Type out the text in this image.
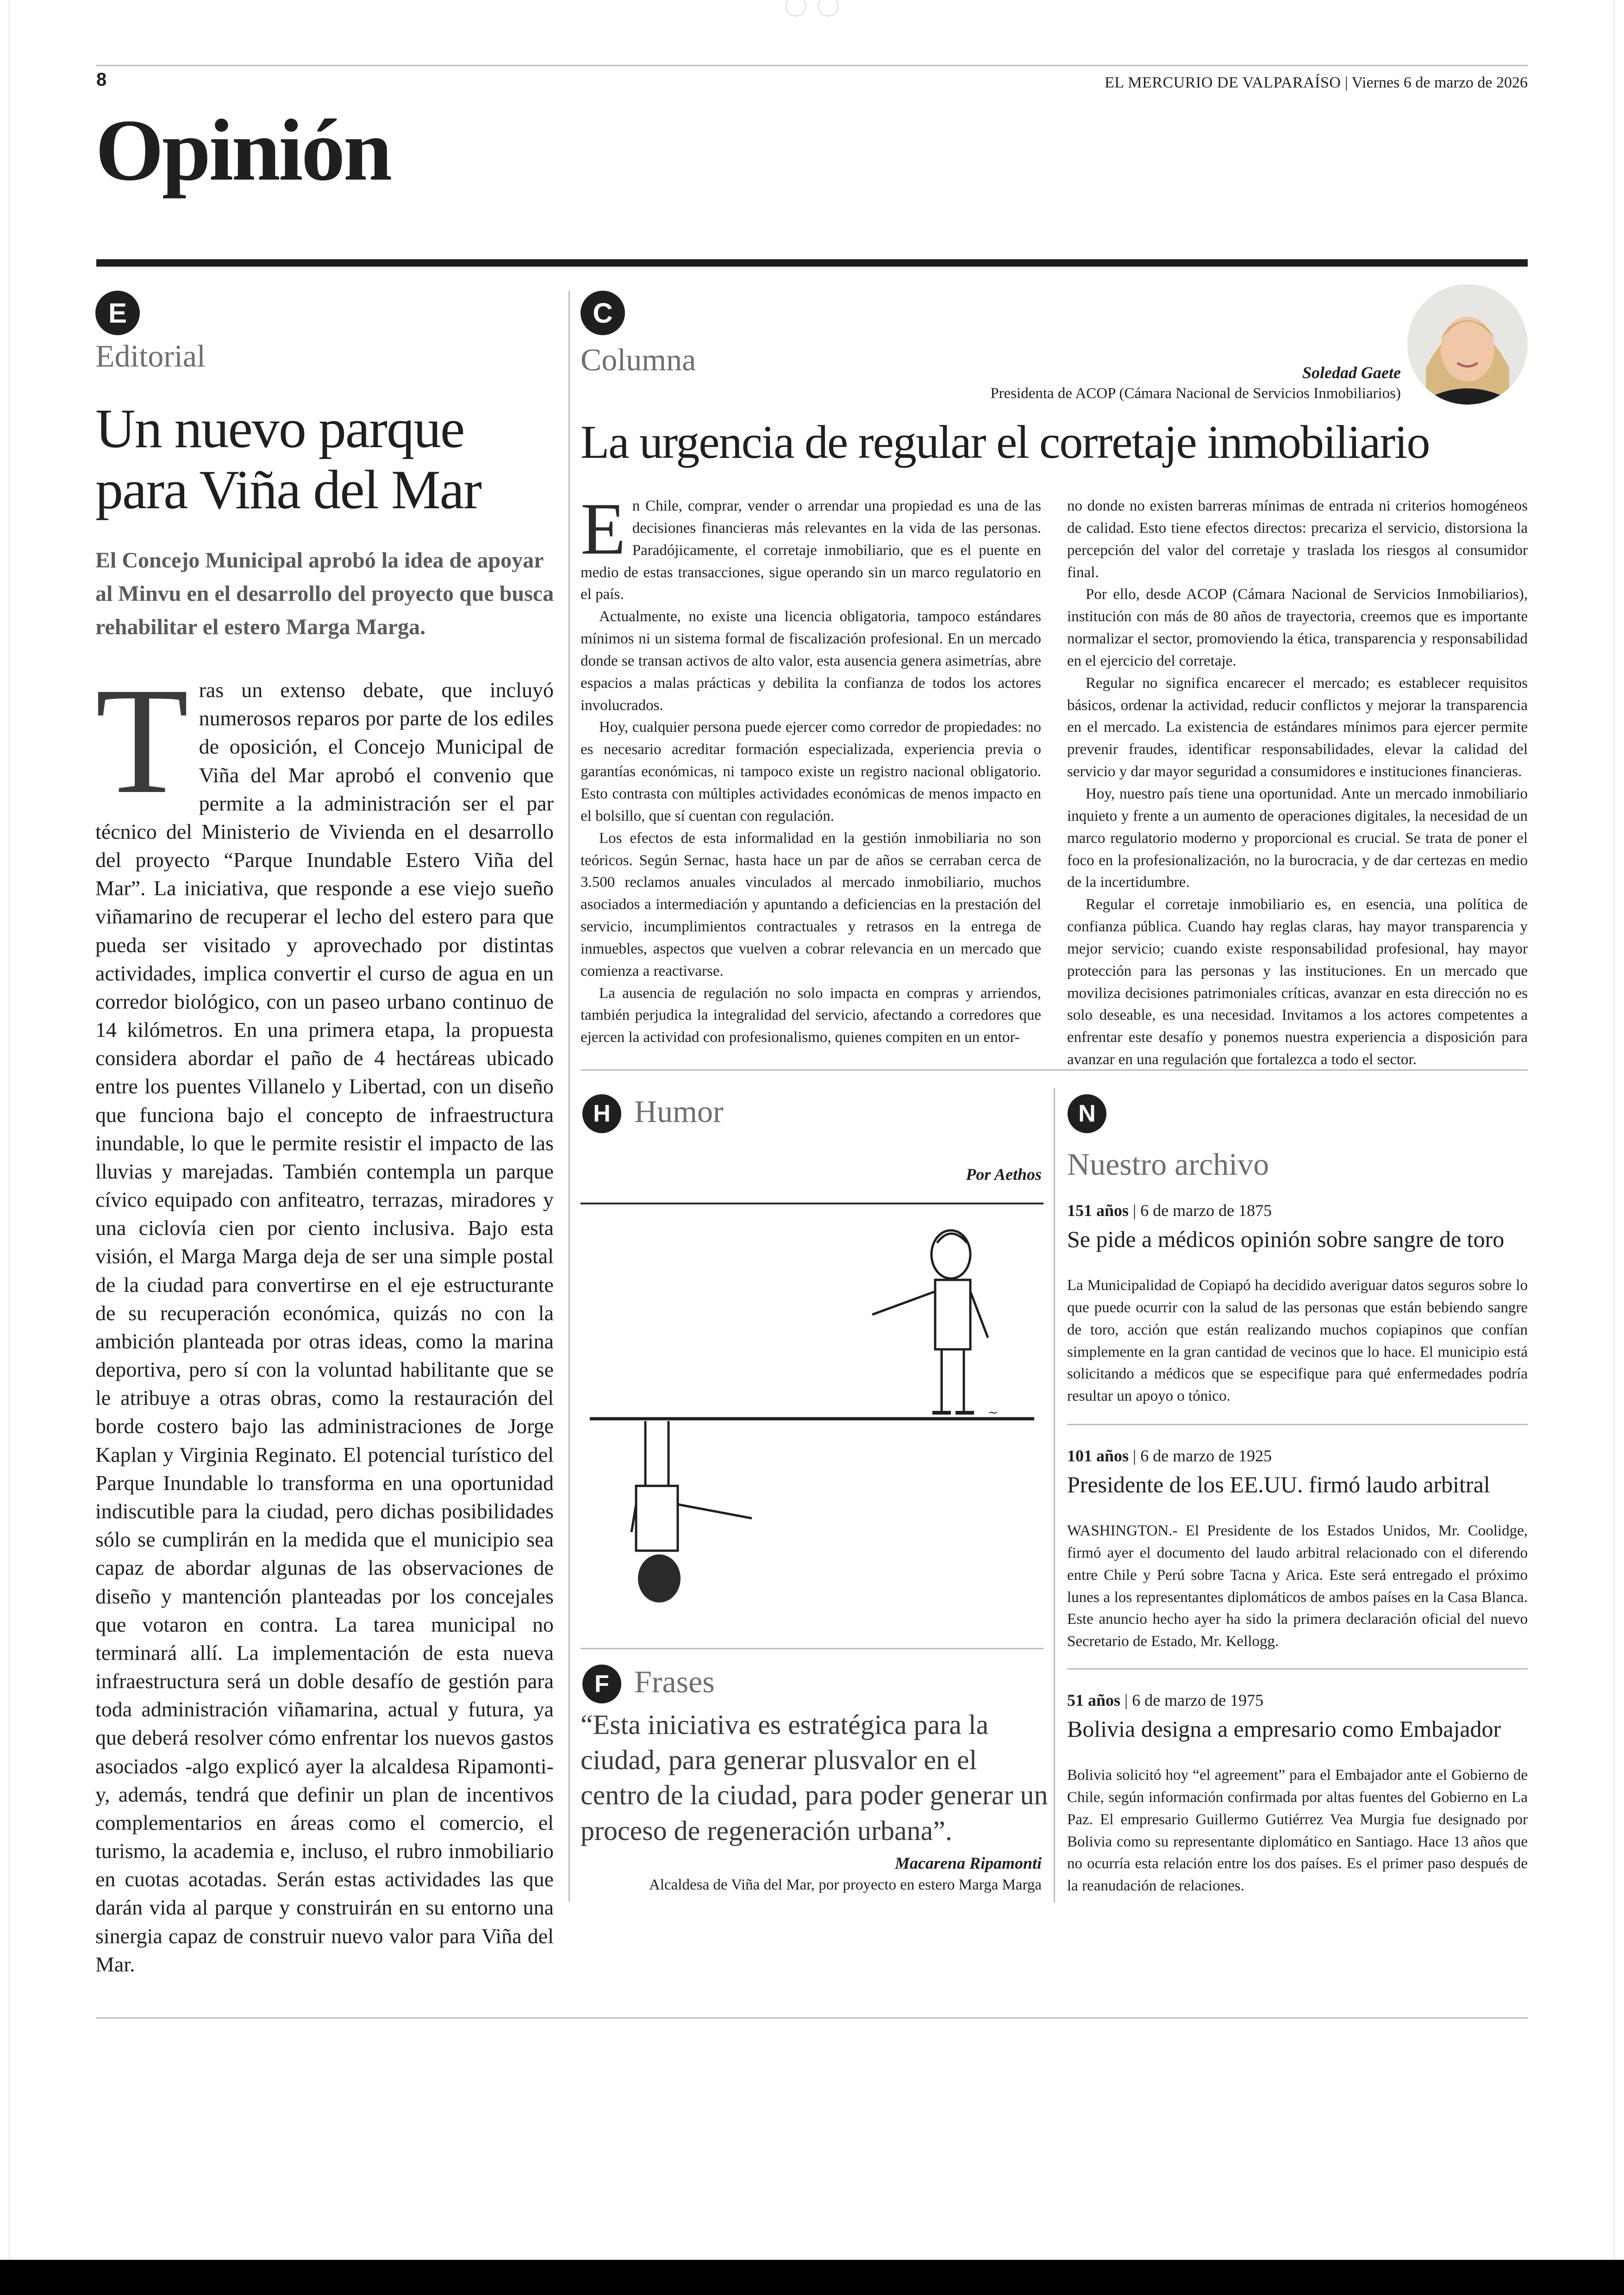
8	EL MERCURIO DE VALPARAÍSO | Viernes 6 de marzo de 2026
Opinión
E
Editorial
Un nuevo parque para Viña del Mar
El Concejo Municipal aprobó la idea de apoyar al Minvu en el desarrollo del proyecto que busca rehabilitar el estero Marga Marga.
Tras un extenso debate, que incluyó numerosos reparos por parte de los ediles de oposición, el Concejo Municipal de Viña del Mar aprobó el convenio que permite a la administración ser el par técnico del Ministerio de Vivienda en el desarrollo del proyecto “Parque Inundable Estero Viña del Mar”. La iniciativa, que responde a ese viejo sueño viñamarino de recuperar el lecho del estero para que pueda ser visitado y aprovechado por distintas actividades, implica convertir el curso de agua en un corredor biológico, con un paseo urbano continuo de 14 kilómetros. En una primera etapa, la propuesta considera abordar el paño de 4 hectáreas ubicado entre los puentes Villanelo y Libertad, con un diseño que funciona bajo el concepto de infraestructura inundable, lo que le permite resistir el impacto de las lluvias y marejadas. También contempla un parque cívico equipado con anfiteatro, terrazas, miradores y una ciclovía cien por ciento inclusiva. Bajo esta visión, el Marga Marga deja de ser una simple postal de la ciudad para convertirse en el eje estructurante de su recuperación económica, quizás no con la ambición planteada por otras ideas, como la marina deportiva, pero sí con la voluntad habilitante que se le atribuye a otras obras, como la restauración del borde costero bajo las administraciones de Jorge Kaplan y Virginia Reginato. El potencial turístico del Parque Inundable lo transforma en una oportunidad indiscutible para la ciudad, pero dichas posibilidades sólo se cumplirán en la medida que el municipio sea capaz de abordar algunas de las observaciones de diseño y mantención planteadas por los concejales que votaron en contra. La tarea municipal no terminará allí. La implementación de esta nueva infraestructura será un doble desafío de gestión para toda administración viñamarina, actual y futura, ya que deberá resolver cómo enfrentar los nuevos gastos asociados -algo explicó ayer la alcaldesa Ripamonti- y, además, tendrá que definir un plan de incentivos complementarios en áreas como el comercio, el turismo, la academia e, incluso, el rubro inmobiliario en cuotas acotadas. Serán estas actividades las que darán vida al parque y construirán en su entorno una sinergia capaz de construir nuevo valor para Viña del Mar.
C
Columna	Soledad Gaete
Presidenta de ACOP (Cámara Nacional de Servicios Inmobiliarios)
La urgencia de regular el corretaje inmobiliario

En Chile, comprar, vender o arrendar una propiedad es una de las decisiones financieras más relevantes en la vida de las personas. Paradójicamente, el corretaje inmobiliario, que es el puente en medio de estas transacciones, sigue operando sin un marco regulatorio en el país.

Actualmente, no existe una licencia obligatoria, tampoco estándares mínimos ni un sistema formal de fiscalización profesional. En un mercado donde se transan activos de alto valor, esta ausencia genera asimetrías, abre espacios a malas prácticas y debilita la confianza de todos los actores involucrados.

Hoy, cualquier persona puede ejercer como corredor de propiedades: no es necesario acreditar formación especializada, experiencia previa o garantías económicas, ni tampoco existe un registro nacional obligatorio. Esto contrasta con múltiples actividades económicas de menos impacto en el bolsillo, que sí cuentan con regulación.

Los efectos de esta informalidad en la gestión inmobiliaria no son teóricos. Según Sernac, hasta hace un par de años se cerraban cerca de 3.500 reclamos anuales vinculados al mercado inmobiliario, muchos asociados a intermediación y apuntando a deficiencias en la prestación del servicio, incumplimientos contractuales y retrasos en la entrega de inmuebles, aspectos que vuelven a cobrar relevancia en un mercado que comienza a reactivarse.

La ausencia de regulación no solo impacta en compras y arriendos, también perjudica la integralidad del servicio, afectando a corredores que ejercen la actividad con profesionalismo, quienes compiten en un entor-

no donde no existen barreras mínimas de entrada ni criterios homogéneos de calidad. Esto tiene efectos directos: precariza el servicio, distorsiona la percepción del valor del corretaje y traslada los riesgos al consumidor final.

Por ello, desde ACOP (Cámara Nacional de Servicios Inmobiliarios), institución con más de 80 años de trayectoria, creemos que es importante normalizar el sector, promoviendo la ética, transparencia y responsabilidad en el ejercicio del corretaje.

Regular no significa encarecer el mercado; es establecer requisitos básicos, ordenar la actividad, reducir conflictos y mejorar la transparencia en el mercado. La existencia de estándares mínimos para ejercer permite prevenir fraudes, identificar responsabilidades, elevar la calidad del servicio y dar mayor seguridad a consumidores e instituciones financieras.

Hoy, nuestro país tiene una oportunidad. Ante un mercado inmobiliario inquieto y frente a un aumento de operaciones digitales, la necesidad de un marco regulatorio moderno y proporcional es crucial. Se trata de poner el foco en la profesionalización, no la burocracia, y de dar certezas en medio de la incertidumbre.

Regular el corretaje inmobiliario es, en esencia, una política de confianza pública. Cuando hay reglas claras, hay mayor transparencia y mejor servicio; cuando existe responsabilidad profesional, hay mayor protección para las personas y las instituciones. En un mercado que moviliza decisiones patrimoniales críticas, avanzar en esta dirección no es solo deseable, es una necesidad. Invitamos a los actores competentes a enfrentar este desafío y ponemos nuestra experiencia a disposición para avanzar en una regulación que fortalezca a todo el sector.

H Humor
Por Aethos
~
F Frases
“Esta iniciativa es estratégica para la ciudad, para generar plusvalor en el centro de la ciudad, para poder generar un proceso de regeneración urbana”.
Macarena Ripamonti
Alcaldesa de Viña del Mar, por proyecto en estero Marga Marga
N
Nuestro archivo
151 años | 6 de marzo de 1875
Se pide a médicos opinión sobre sangre de toro
La Municipalidad de Copiapó ha decidido averiguar datos seguros sobre lo que puede ocurrir con la salud de las personas que están bebiendo sangre de toro, acción que están realizando muchos copiapinos que confían simplemente en la gran cantidad de vecinos que lo hace. El municipio está solicitando a médicos que se especifique para qué enfermedades podría resultar un apoyo o tónico.
101 años | 6 de marzo de 1925
Presidente de los EE.UU. firmó laudo arbitral
WASHINGTON.- El Presidente de los Estados Unidos, Mr. Coolidge, firmó ayer el documento del laudo arbitral relacionado con el diferendo entre Chile y Perú sobre Tacna y Arica. Este será entregado el próximo lunes a los representantes diplomáticos de ambos países en la Casa Blanca. Este anuncio hecho ayer ha sido la primera declaración oficial del nuevo Secretario de Estado, Mr. Kellogg.
51 años | 6 de marzo de 1975
Bolivia designa a empresario como Embajador
Bolivia solicitó hoy “el agreement” para el Embajador ante el Gobierno de Chile, según información confirmada por altas fuentes del Gobierno en La Paz. El empresario Guillermo Gutiérrez Vea Murgia fue designado por Bolivia como su representante diplomático en Santiago. Hace 13 años que no ocurría esta relación entre los dos países. Es el primer paso después de la reanudación de relaciones.
